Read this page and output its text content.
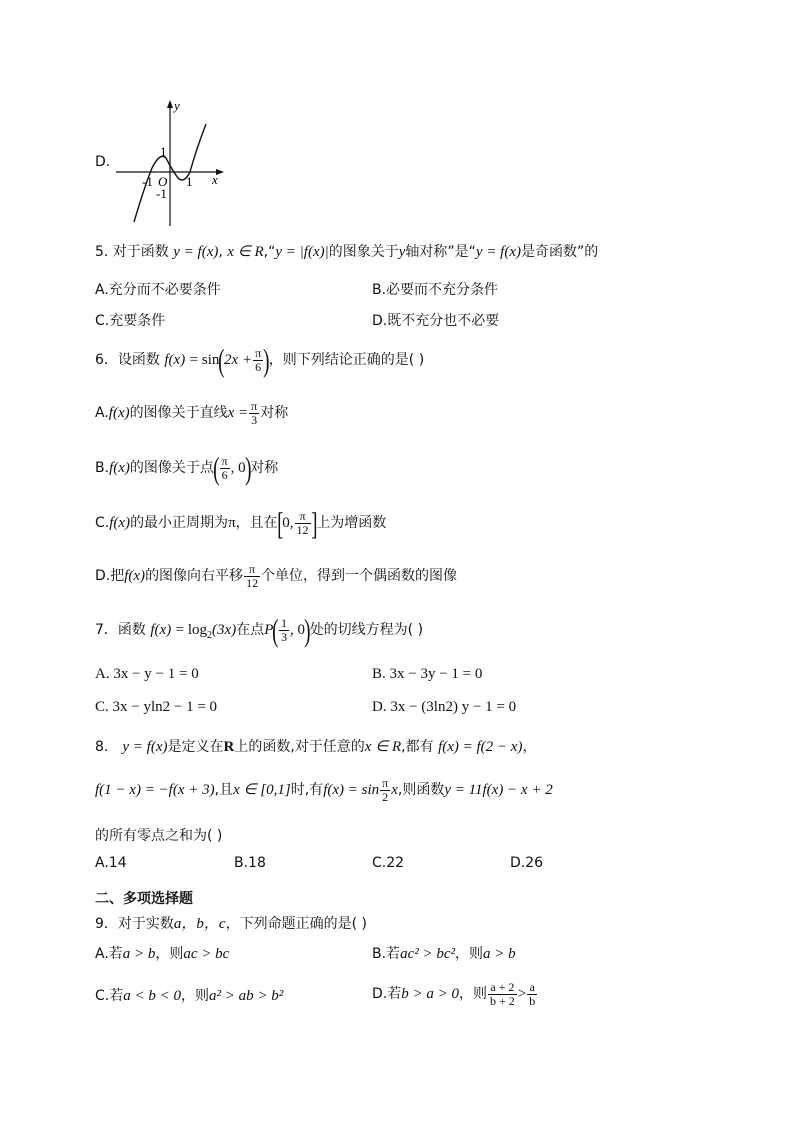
D.
y
x
1
-1 O 1
-1
5. 对于函数 y = f(x), x ∈ R,“y = |f(x)|的图象关于y轴对称”是“y = f(x)是奇函数”的
A.充分而不必要条件	B.必要而不充分条件
C.充要条件	D.既不充分也不必要
6．设函数 $f(x) = \sin(2x + \frac{\pi}{6}$ )，则下列结论正确的是( )
A.f(x)的图像关于直线$x = \frac{\pi}{3}$ 对称
B.f(x)的图像关于点( $\frac{\pi}{6}$ , 0)对称
C.f(x)的最小正周期为π，且在[0, $\frac{\pi}{12}$ ]上为增函数
D.把f(x)的图像向右平移 $\frac{\pi}{12}$ 个单位，得到一个偶函数的图像
7．函数 $f(x) = \log_2(3x)$在点$P( \frac{1}{3}$ , 0)处的切线方程为( )
A. 3x − y − 1 = 0	B. 3x − 3y − 1 = 0
C. 3x − yln2 − 1 = 0	D. 3x − (3ln2) y − 1 = 0
8． y = f(x)是定义在R上的函数,对于任意的x ∈ R,都有 f(x) = f(2 − x)，
f(1 − x) = −f(x + 3),且x ∈ [0,1]时,有$f(x) = \sin \frac{\pi}{2} x$,则函数y = 11f(x) − x + 2
的所有零点之和为( )
A.14	B.18	C.22	D.26
二、多项选择题
9．对于实数a，b，c，下列命题正确的是( )
A.若a > b，则ac > bc	B.若ac² > bc²，则a > b
C.若a < b < 0，则a² > ab > b²	D.若b > a > 0，则 $\frac{a + 2}{b + 2} > \frac{a}{b}$
